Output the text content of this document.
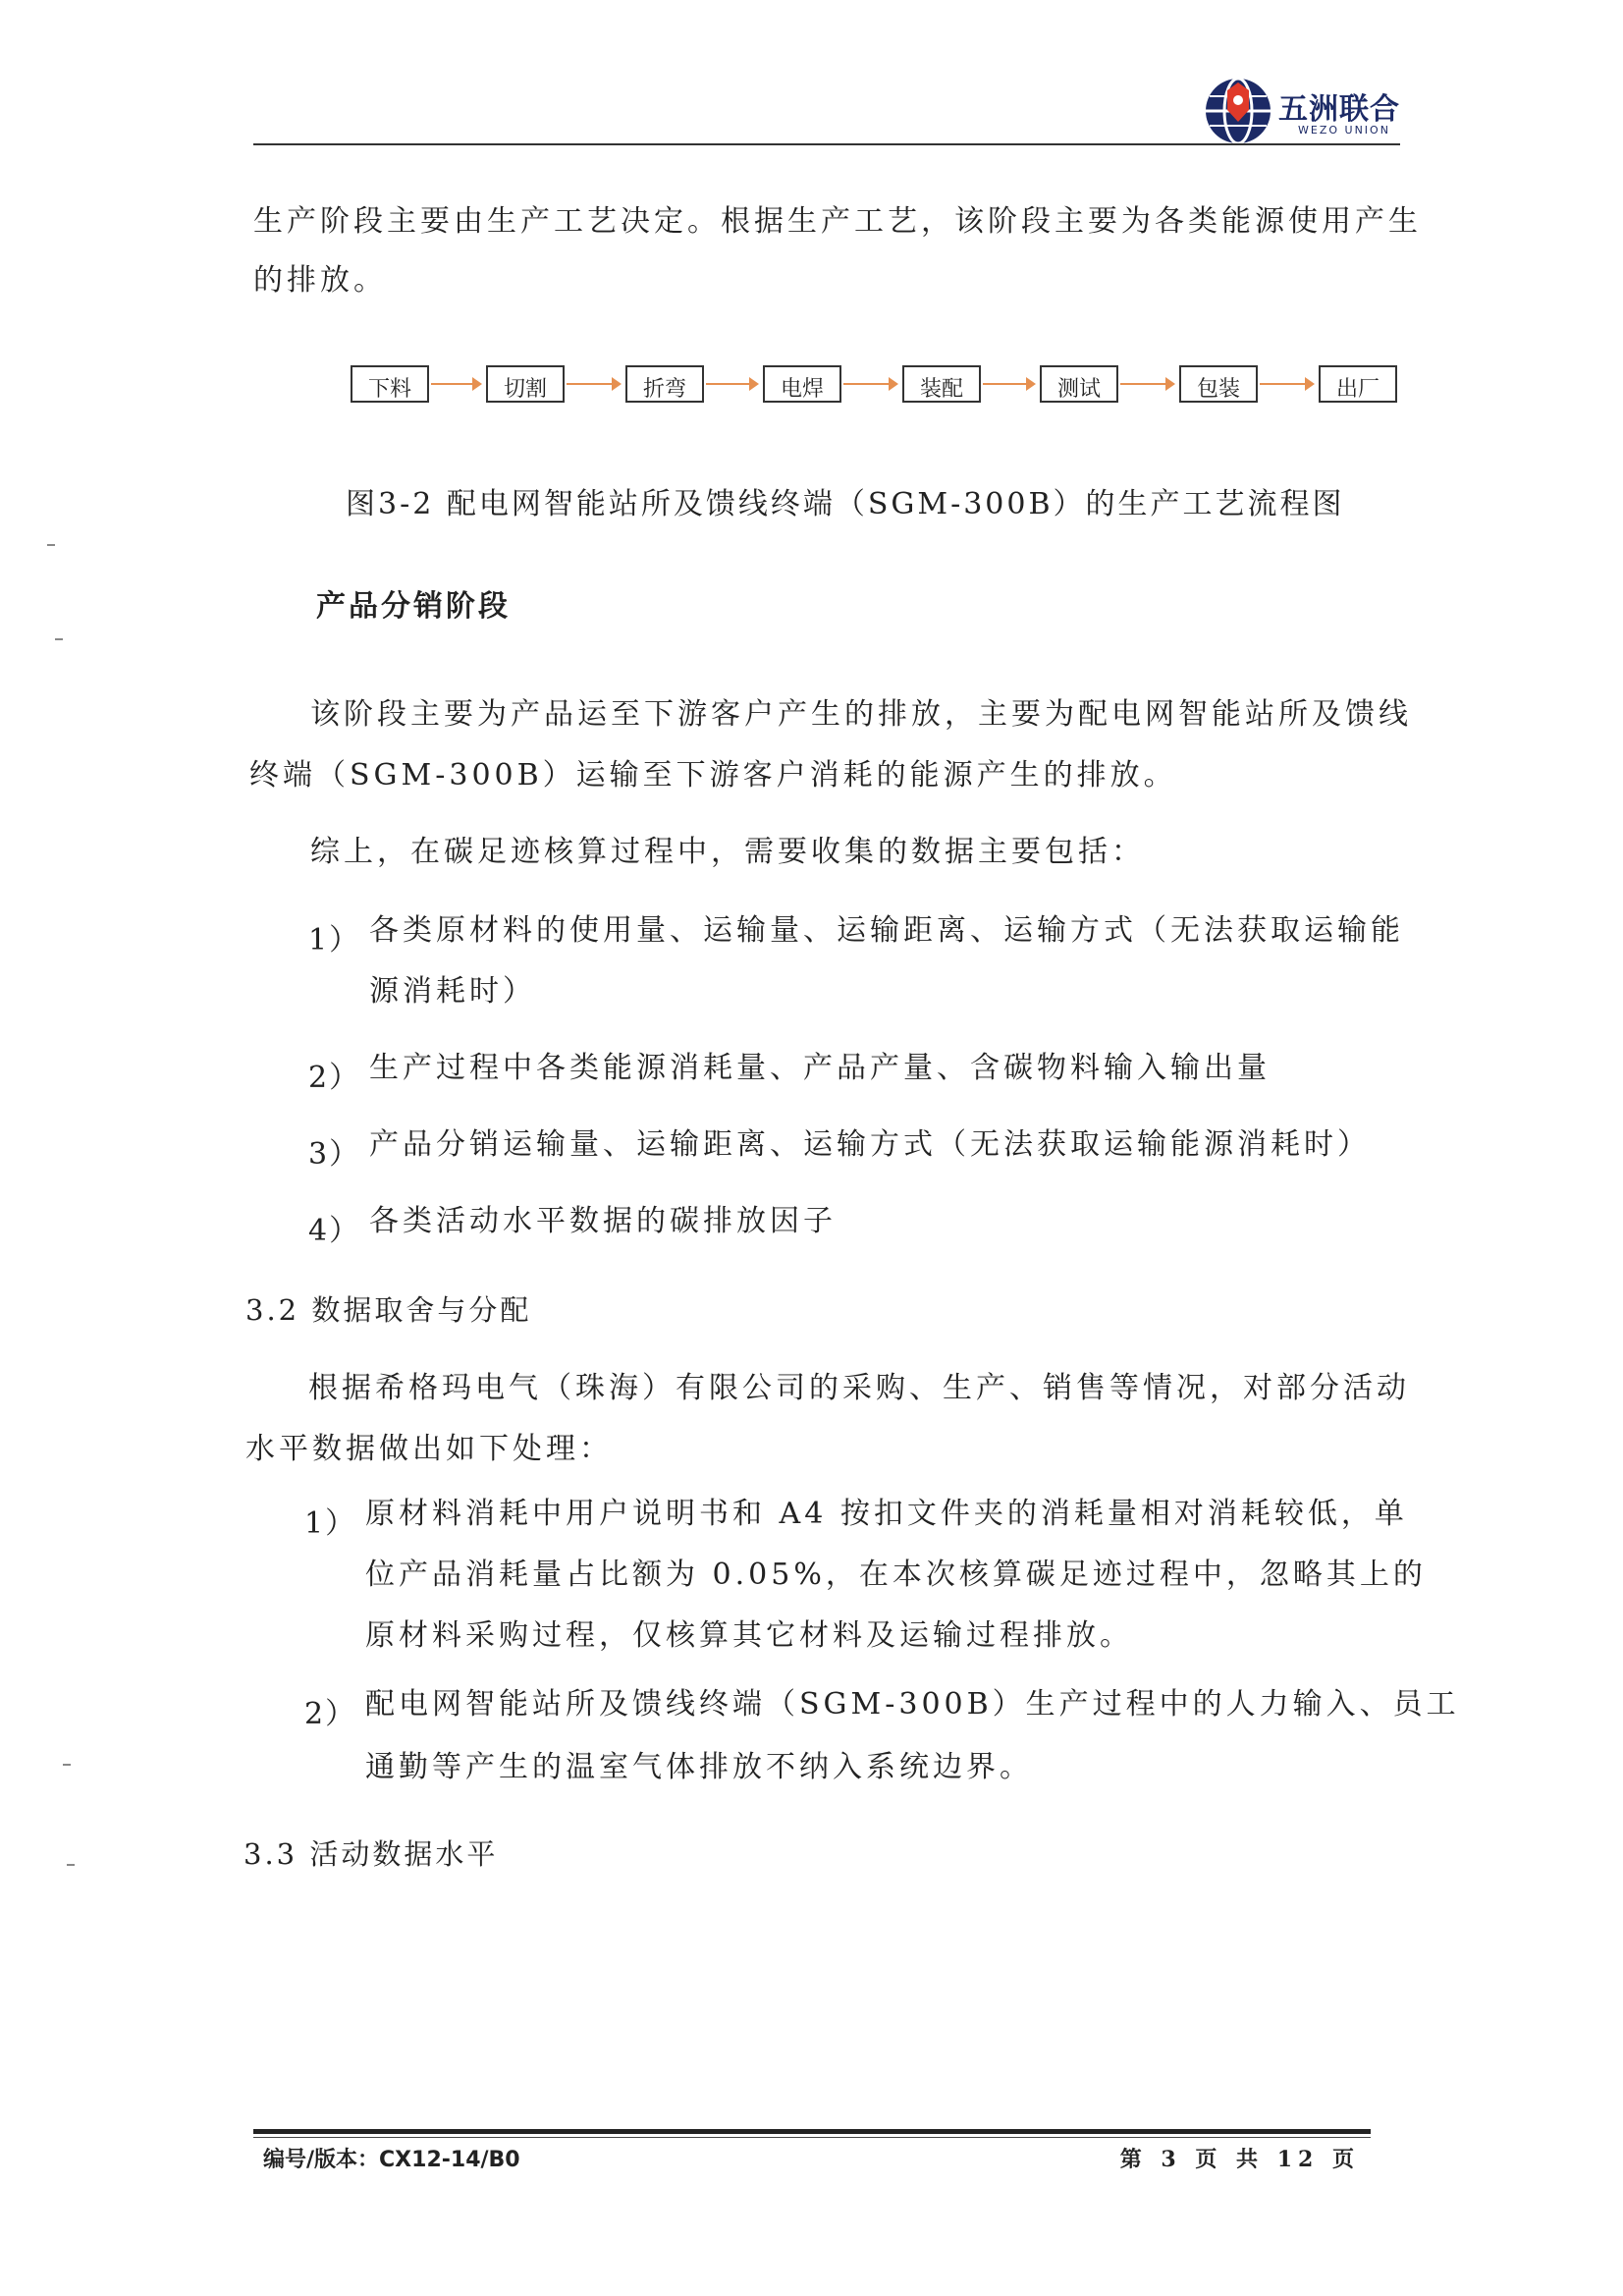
五洲联合
WEZO UNION

生产阶段主要由生产工艺决定。根据生产工艺，该阶段主要为各类能源使用产生

的排放。

下料	切割	折弯	电焊	装配	测试	包装	出厂

图3-2 配电网智能站所及馈线终端（SGM-300B）的生产工艺流程图

产品分销阶段

该阶段主要为产品运至下游客户产生的排放，主要为配电网智能站所及馈线

终端（SGM-300B）运输至下游客户消耗的能源产生的排放。

综上，在碳足迹核算过程中，需要收集的数据主要包括：

1） 各类原材料的使用量、运输量、运输距离、运输方式（无法获取运输能

源消耗时）

2） 生产过程中各类能源消耗量、产品产量、含碳物料输入输出量

3） 产品分销运输量、运输距离、运输方式（无法获取运输能源消耗时）

4） 各类活动水平数据的碳排放因子

3.2 数据取舍与分配

根据希格玛电气（珠海）有限公司的采购、生产、销售等情况，对部分活动

水平数据做出如下处理：

1） 原材料消耗中用户说明书和 A4 按扣文件夹的消耗量相对消耗较低，单

位产品消耗量占比额为 0.05%，在本次核算碳足迹过程中，忽略其上的

原材料采购过程，仅核算其它材料及运输过程排放。

2） 配电网智能站所及馈线终端（SGM-300B）生产过程中的人力输入、员工

通勤等产生的温室气体排放不纳入系统边界。

3.3 活动数据水平

编号/版本：CX12-14/B0	第 3 页 共 12 页
